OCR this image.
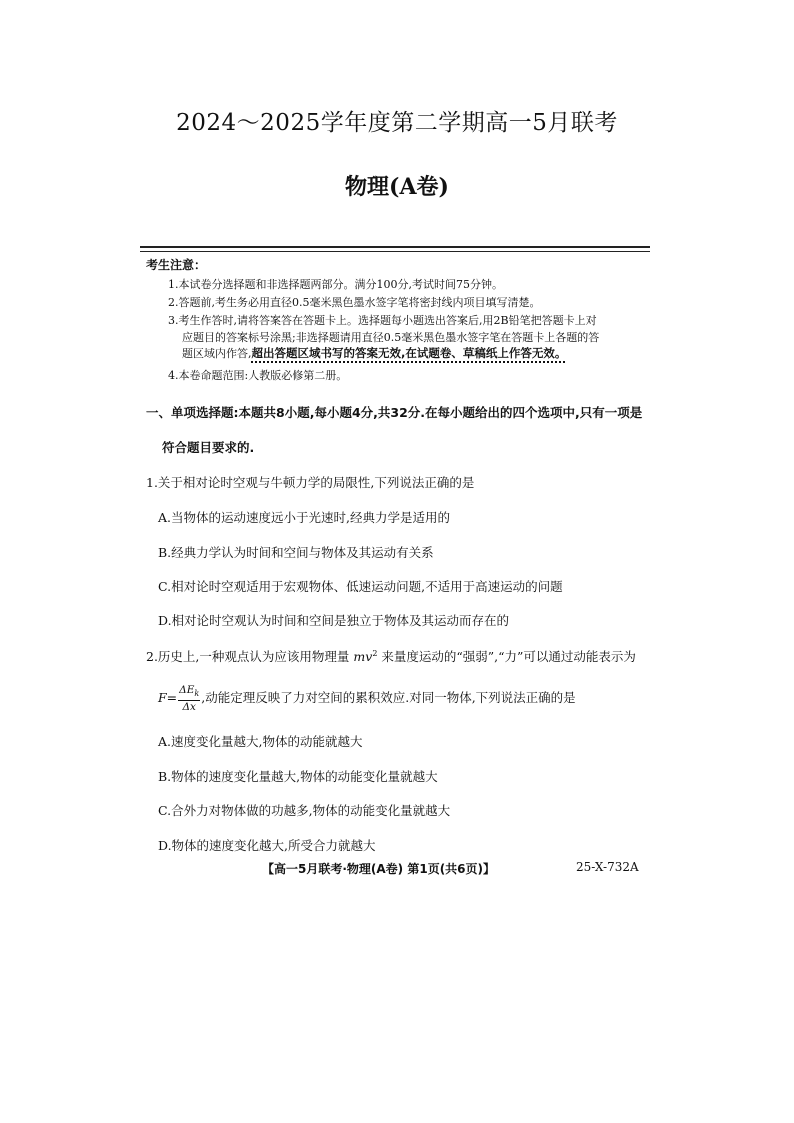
2024～2025学年度第二学期高一5月联考
物理(A卷)
考生注意：
1.本试卷分选择题和非选择题两部分。满分100分,考试时间75分钟。
2.答题前,考生务必用直径0.5毫米黑色墨水签字笔将密封线内项目填写清楚。
3.考生作答时,请将答案答在答题卡上。选择题每小题选出答案后,用2B铅笔把答题卡上对
应题目的答案标号涂黑;非选择题请用直径0.5毫米黑色墨水签字笔在答题卡上各题的答
题区域内作答,超出答题区域书写的答案无效,在试题卷、草稿纸上作答无效。
4.本卷命题范围:人教版必修第二册。
一、单项选择题:本题共8小题,每小题4分,共32分.在每小题给出的四个选项中,只有一项是
符合题目要求的.
1.关于相对论时空观与牛顿力学的局限性,下列说法正确的是
A.当物体的运动速度远小于光速时,经典力学是适用的
B.经典力学认为时间和空间与物体及其运动有关系
C.相对论时空观适用于宏观物体、低速运动问题,不适用于高速运动的问题
D.相对论时空观认为时间和空间是独立于物体及其运动而存在的
2.历史上,一种观点认为应该用物理量 $mv^2$ 来量度运动的“强弱”,“力”可以通过动能表示为
$F= \frac{\Delta E_k}{\Delta x}$ ,动能定理反映了力对空间的累积效应.对同一物体,下列说法正确的是
A.速度变化量越大,物体的动能就越大
B.物体的速度变化量越大,物体的动能变化量就越大
C.合外力对物体做的功越多,物体的动能变化量就越大
D.物体的速度变化越大,所受合力就越大
【高一5月联考·物理(A卷) 第1页(共6页)】	25-X-732A
